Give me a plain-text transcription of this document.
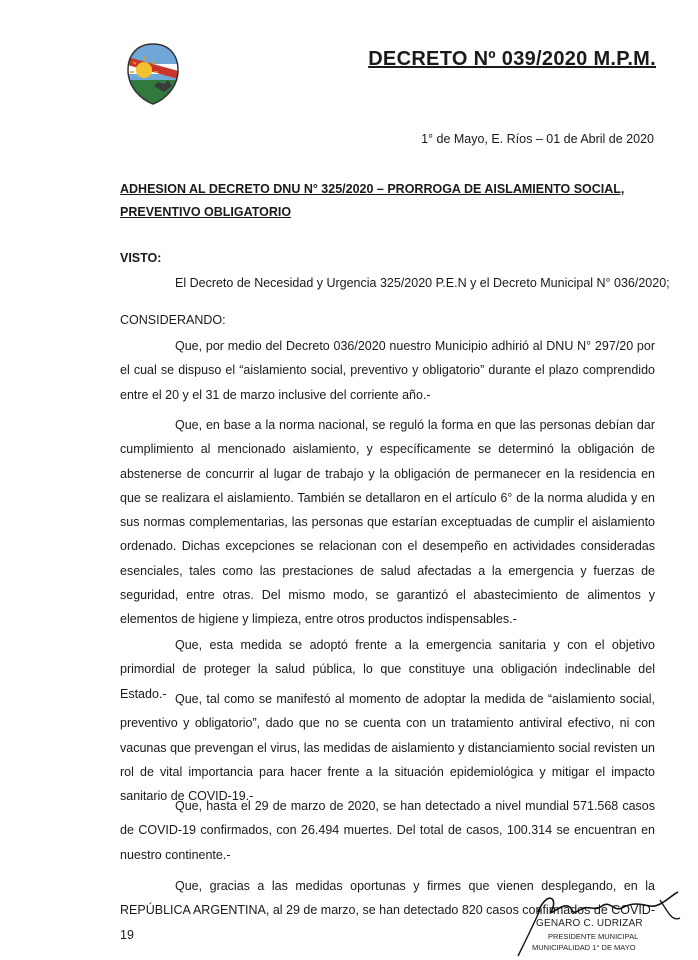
DECRETO Nº 039/2020 M.P.M.
1° de Mayo, E. Ríos – 01 de Abril de 2020
ADHESION AL DECRETO DNU N° 325/2020 – PRORROGA DE AISLAMIENTO SOCIAL, PREVENTIVO OBLIGATORIO
VISTO:
El Decreto de Necesidad y Urgencia 325/2020 P.E.N y el Decreto Municipal N° 036/2020;
CONSIDERANDO:

Que, por medio del Decreto 036/2020 nuestro Municipio adhirió al DNU N° 297/20 por el cual se dispuso el “aislamiento social, preventivo y obligatorio” durante el plazo comprendido entre el 20 y el 31 de marzo inclusive del corriente año.-

Que, en base a la norma nacional, se reguló la forma en que las personas debían dar cumplimiento al mencionado aislamiento, y específicamente se determinó la obligación de abstenerse de concurrir al lugar de trabajo y la obligación de permanecer en la residencia en que se realizara el aislamiento. También se detallaron en el artículo 6° de la norma aludida y en sus normas complementarias, las personas que estarían exceptuadas de cumplir el aislamiento ordenado. Dichas excepciones se relacionan con el desempeño en actividades consideradas esenciales, tales como las prestaciones de salud afectadas a la emergencia y fuerzas de seguridad, entre otras. Del mismo modo, se garantizó el abastecimiento de alimentos y elementos de higiene y limpieza, entre otros productos indispensables.-

Que, esta medida se adoptó frente a la emergencia sanitaria y con el objetivo primordial de proteger la salud pública, lo que constituye una obligación indeclinable del Estado.- Que, tal como se manifestó al momento de adoptar la medida de “aislamiento social, preventivo y obligatorio”, dado que no se cuenta con un tratamiento antiviral efectivo, ni con vacunas que prevengan el virus, las medidas de aislamiento y distanciamiento social revisten un rol de vital importancia para hacer frente a la situación epidemiológica y mitigar el impacto sanitario de COVID-19.-

Que, hasta el 29 de marzo de 2020, se han detectado a nivel mundial 571.568 casos de COVID-19 confirmados, con 26.494 muertes. Del total de casos, 100.314 se encuentran en nuestro continente.-

Que, gracias a las medidas oportunas y firmes que vienen desplegando, en la REPÚBLICA ARGENTINA, al 29 de marzo, se han detectado 820 casos confirmados de COVID-19

GENARO C. UDRIZAR
PRESIDENTE MUNICIPAL
MUNICIPALIDAD 1° DE MAYO
